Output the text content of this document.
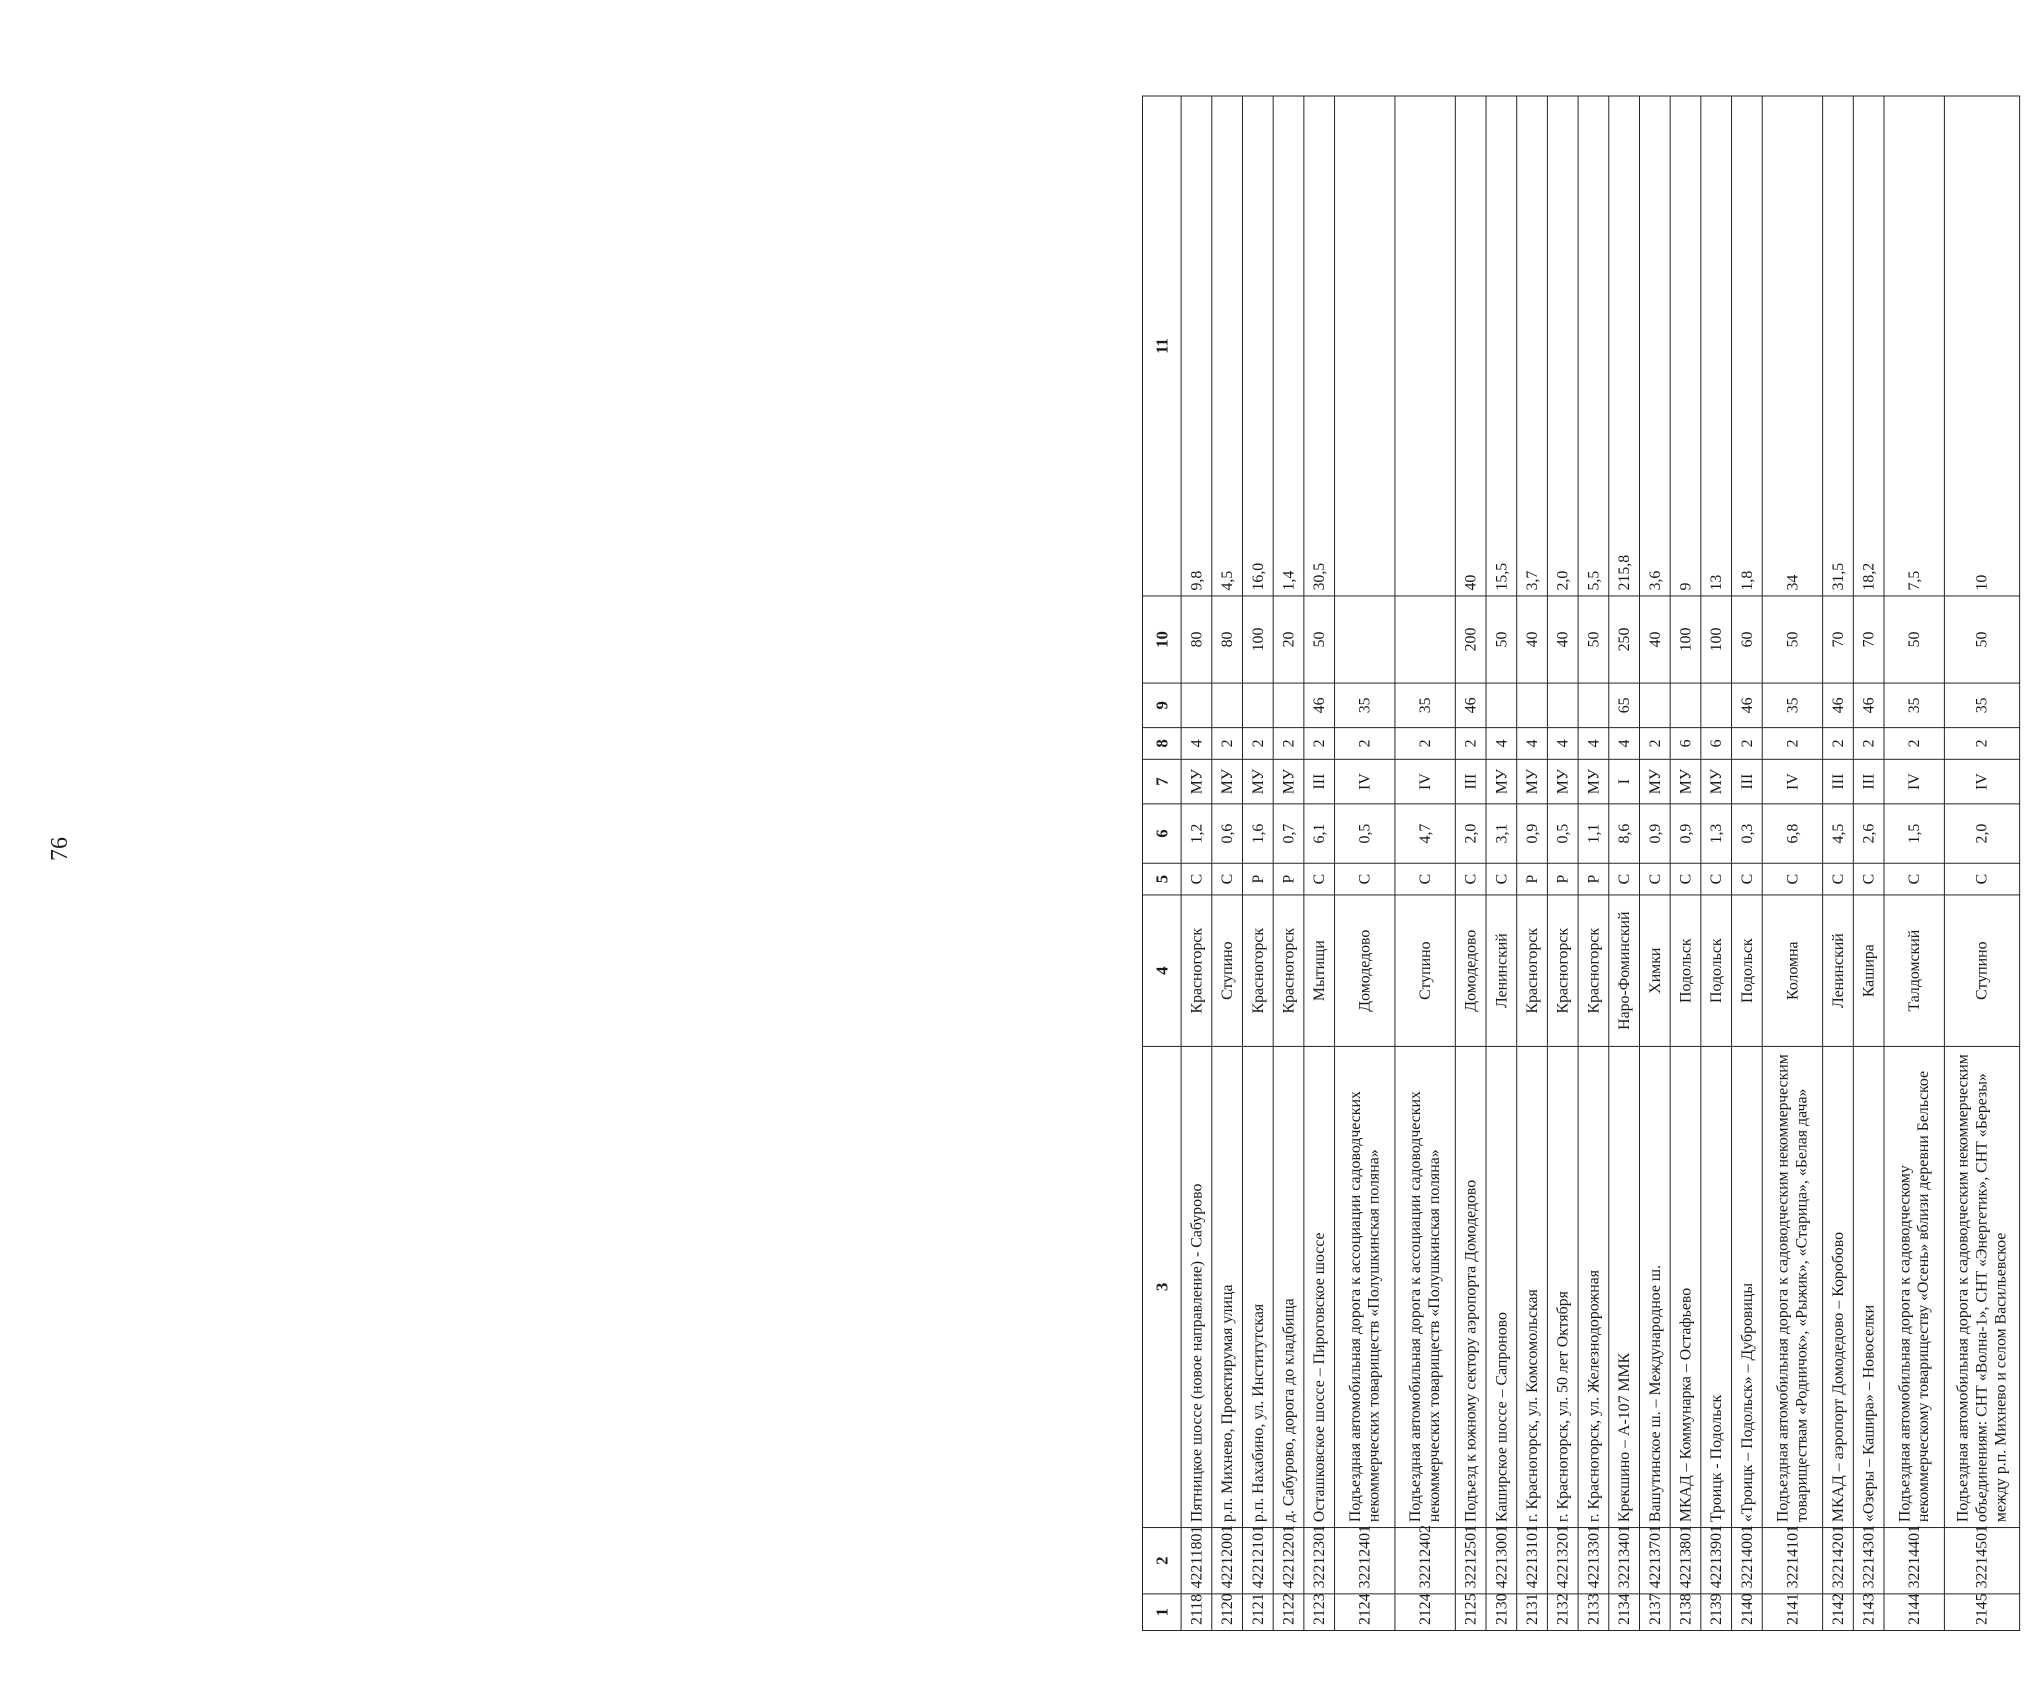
76
1	2	3	4	5	6	7	8	9	10	11
2118	42211801	Пятницкое шоссе (новое направление) - Сабурово	Красногорск	С	1,2	МУ	4		80	9,8
2120	42212001	р.п. Михнево, Проектирумая улица	Ступино	С	0,6	МУ	2		80	4,5
2121	42212101	р.п. Нахабино, ул. Институтская	Красногорск	Р	1,6	МУ	2		100	16,0
2122	42212201	д. Сабурово, дорога до кладбища	Красногорск	Р	0,7	МУ	2		20	1,4
2123	32212301	Осташковское шоссе – Пироговское шоссе	Мытищи	С	6,1	III	2	46	50	30,5
2124	32212401	Подъездная автомобильная дорога к ассоциации садоводческих некоммерческих товариществ «Полушкинская поляна»	Домодедово	С	0,5	IV	2	35		
2124	32212402	Подъездная автомобильная дорога к ассоциации садоводческих некоммерческих товариществ «Полушкинская поляна»	Ступино	С	4,7	IV	2	35		
2125	32212501	Подъезд к южному сектору аэропорта Домодедово	Домодедово	С	2,0	III	2	46	200	40
2130	42213001	Каширское шоссе – Сапроново	Ленинский	С	3,1	МУ	4		50	15,5
2131	42213101	г. Красногорск, ул. Комсомольская	Красногорск	Р	0,9	МУ	4		40	3,7
2132	42213201	г. Красногорск, ул. 50 лет Октября	Красногорск	Р	0,5	МУ	4		40	2,0
2133	42213301	г. Красногорск, ул. Железнодорожная	Красногорск	Р	1,1	МУ	4		50	5,5
2134	32213401	Крекшино – А-107 ММК	Наро-Фоминский	С	8,6	I	4	65	250	215,8
2137	42213701	Вашутинское ш. – Международное ш.	Химки	С	0,9	МУ	2		40	3,6
2138	42213801	МКАД – Коммунарка – Остафьево	Подольск	С	0,9	МУ	6		100	9
2139	42213901	Троицк - Подольск	Подольск	С	1,3	МУ	6		100	13
2140	32214001	«Троицк – Подольск» – Дубровицы	Подольск	С	0,3	III	2	46	60	1,8
2141	32214101	Подъездная автомобильная дорога к садоводческим некоммерческим товариществам «Родничок», «Рыжик», «Старица», «Белая дача»	Коломна	С	6,8	IV	2	35	50	34
2142	32214201	МКАД – аэропорт Домодедово – Коробово	Ленинский	С	4,5	III	2	46	70	31,5
2143	32214301	«Озеры – Кашира» – Новоселки	Кашира	С	2,6	III	2	46	70	18,2
2144	32214401	Подъездная автомобильная дорога к садоводческому некоммерческому товариществу «Осень» вблизи деревни Бельское	Талдомский	С	1,5	IV	2	35	50	7,5
2145	32214501	Подъездная автомобильная дорога к садоводческим некоммерческим объединениям: СНТ «Волна-1», СНТ «Энергетик», СНТ «Березы» между р.п. Михнево и селом Васильевское	Ступино	С	2,0	IV	2	35	50	10
